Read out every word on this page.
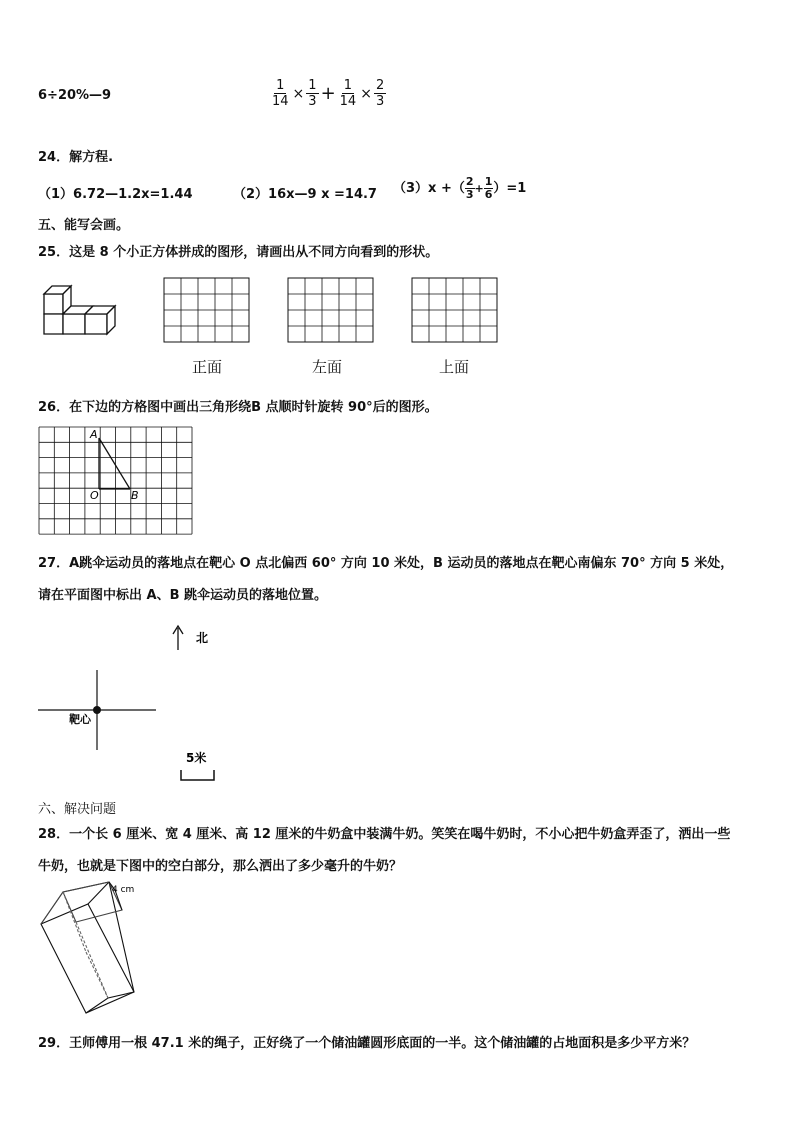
6÷20%—9	$\frac{1}{14} \times \frac{1}{3} + \frac{1}{14} \times \frac{2}{3}$
24．解方程.
（1）6.72—1.2x=1.44	（2）16x—9 x =14.7 （3）x +（ $\frac{2}{3} + \frac{1}{6} )=1$
五、能写会画。
25．这是 8 个小正方体拼成的图形，请画出从不同方向看到的形状。
正面	左面	上面
26．在下边的方格图中画出三角形绕B 点顺时针旋转 90°后的图形。
A
O	B
27．A跳伞运动员的落地点在靶心 O 点北偏西 60° 方向 10 米处，B 运动员的落地点在靶心南偏东 70° 方向 5 米处，
请在平面图中标出 A、B 跳伞运动员的落地位置。
北
靶心
5米
六、解决问题
28．一个长 6 厘米、宽 4 厘米、高 12 厘米的牛奶盒中装满牛奶。笑笑在喝牛奶时，不小心把牛奶盒弄歪了，洒出一些
牛奶，也就是下图中的空白部分，那么洒出了多少毫升的牛奶？
4 cm
29．王师傅用一根 47.1 米的绳子，正好绕了一个储油罐圆形底面的一半。这个储油罐的占地面积是多少平方米？
